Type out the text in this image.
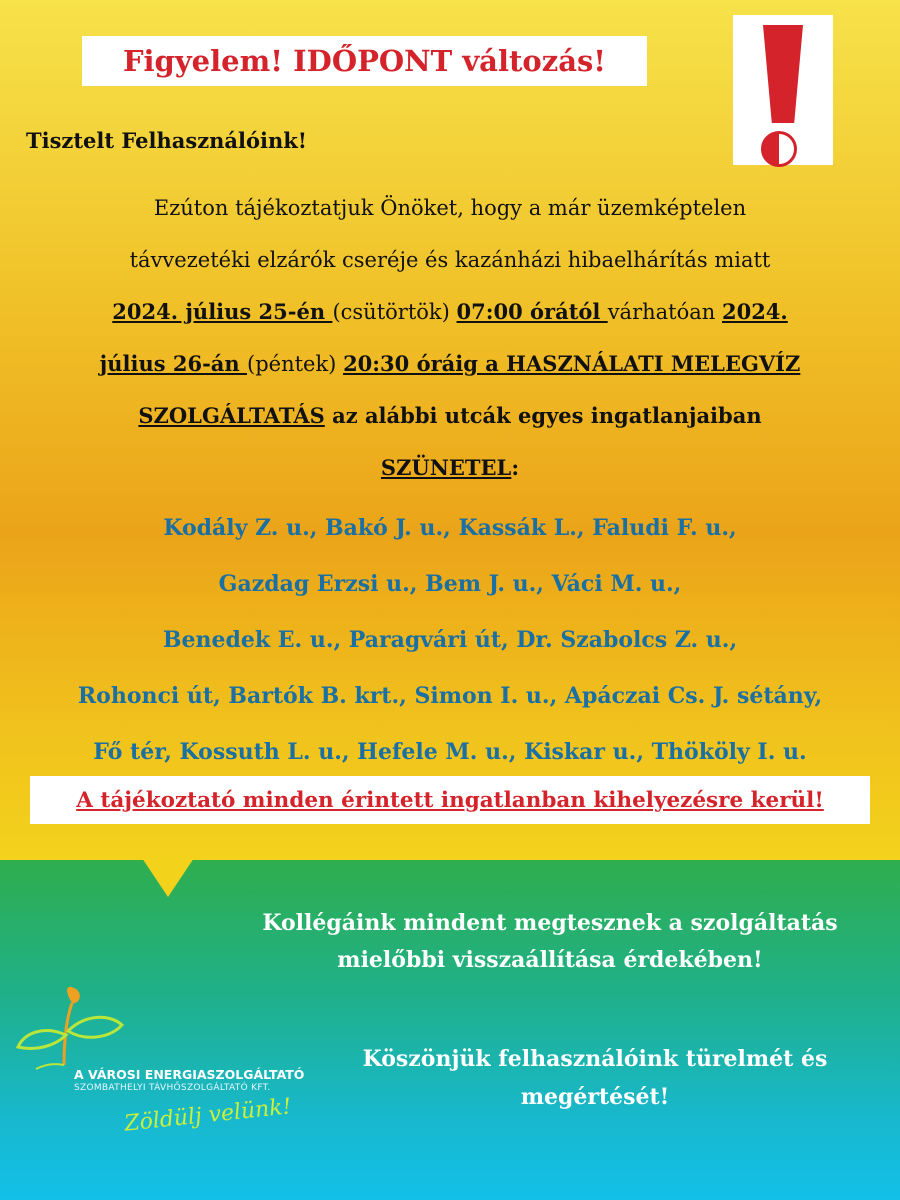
Figyelem! IDŐPONT változás!
Tisztelt Felhasználóink!
Ezúton tájékoztatjuk Önöket, hogy a már üzemképtelen
távvezetéki elzárók cseréje és kazánházi hibaelhárítás miatt
2024. július 25-én (csütörtök) 07:00 órától várhatóan 2024.
július 26-án (péntek) 20:30 óráig a HASZNÁLATI MELEGVÍZ
SZOLGÁLTATÁS az alábbi utcák egyes ingatlanjaiban
SZÜNETEL:
Kodály Z. u., Bakó J. u., Kassák L., Faludi F. u.,
Gazdag Erzsi u., Bem J. u., Váci M. u.,
Benedek E. u., Paragvári út, Dr. Szabolcs Z. u.,
Rohonci út, Bartók B. krt., Simon I. u., Apáczai Cs. J. sétány,
Fő tér, Kossuth L. u., Hefele M. u., Kiskar u., Thököly I. u.
A tájékoztató minden érintett ingatlanban kihelyezésre kerül!
Kollégáink mindent megtesznek a szolgáltatás
mielőbbi visszaállítása érdekében!
Köszönjük felhasználóink türelmét és
megértését!
A VÁROSI ENERGIASZOLGÁLTATÓ
SZOMBATHELYI TÁVHŐSZOLGÁLTATÓ KFT.
Zöldülj velünk!
